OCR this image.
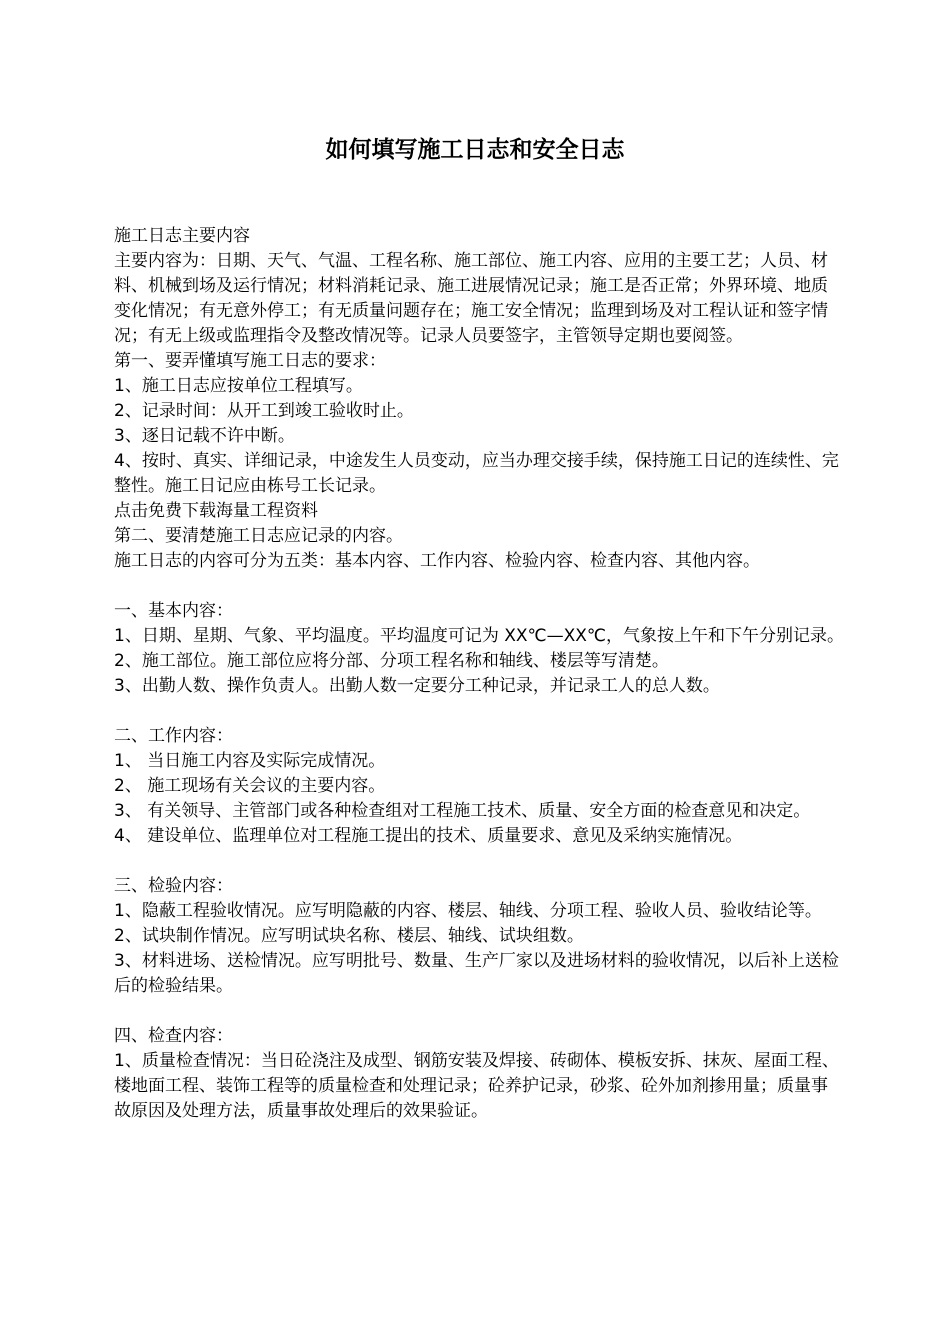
如何填写施工日志和安全日志

施工日志主要内容

主要内容为：日期、天气、气温、工程名称、施工部位、施工内容、应用的主要工艺；人员、材料、机械到场及运行情况；材料消耗记录、施工进展情况记录；施工是否正常；外界环境、地质变化情况；有无意外停工；有无质量问题存在；施工安全情况；监理到场及对工程认证和签字情况；有无上级或监理指令及整改情况等。记录人员要签字，主管领导定期也要阅签。

第一、要弄懂填写施工日志的要求：

1、施工日志应按单位工程填写。

2、记录时间：从开工到竣工验收时止。

3、逐日记载不许中断。

4、按时、真实、详细记录，中途发生人员变动，应当办理交接手续，保持施工日记的连续性、完整性。施工日记应由栋号工长记录。

点击免费下载海量工程资料

第二、要清楚施工日志应记录的内容。

施工日志的内容可分为五类：基本内容、工作内容、检验内容、检查内容、其他内容。

一、基本内容：

1、日期、星期、气象、平均温度。平均温度可记为 XX℃—XX℃，气象按上午和下午分别记录。

2、施工部位。施工部位应将分部、分项工程名称和轴线、楼层等写清楚。

3、出勤人数、操作负责人。出勤人数一定要分工种记录，并记录工人的总人数。

二、工作内容：

1、 当日施工内容及实际完成情况。

2、 施工现场有关会议的主要内容。

3、 有关领导、主管部门或各种检查组对工程施工技术、质量、安全方面的检查意见和决定。

4、 建设单位、监理单位对工程施工提出的技术、质量要求、意见及采纳实施情况。

三、检验内容：

1、隐蔽工程验收情况。应写明隐蔽的内容、楼层、轴线、分项工程、验收人员、验收结论等。

2、试块制作情况。应写明试块名称、楼层、轴线、试块组数。

3、材料进场、送检情况。应写明批号、数量、生产厂家以及进场材料的验收情况，以后补上送检后的检验结果。

四、检查内容：

1、质量检查情况：当日砼浇注及成型、钢筋安装及焊接、砖砌体、模板安拆、抹灰、屋面工程、楼地面工程、装饰工程等的质量检查和处理记录；砼养护记录，砂浆、砼外加剂掺用量；质量事故原因及处理方法，质量事故处理后的效果验证。
